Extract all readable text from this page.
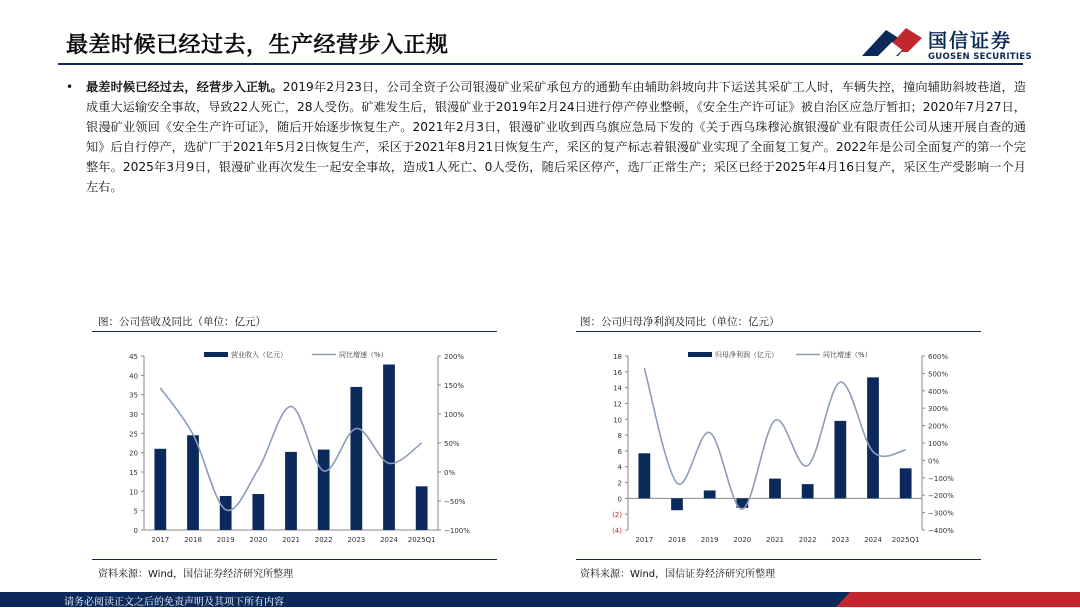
最差时候已经过去，生产经营步入正规	国信证券
GUOSEN SECURITIES
• 最差时候已经过去，经营步入正轨。2019年2月23日，公司全资子公司银漫矿业采矿承包方的通勤车由辅助斜坡向井下运送其采矿工人时，车辆失控，撞向辅助斜坡巷道，造成重大运输安全事故，导致22人死亡，28人受伤。矿难发生后，银漫矿业于2019年2月24日进行停产停业整顿，《安全生产许可证》被自治区应急厅暂扣；2020年7月27日，银漫矿业领回《安全生产许可证》，随后开始逐步恢复生产。2021年2月3日，银漫矿业收到西乌旗应急局下发的《关于西乌珠穆沁旗银漫矿业有限责任公司从速开展自查的通知》后自行停产，选矿厂于2021年5月2日恢复生产，采区于2021年8月21日恢复生产，采区的复产标志着银漫矿业实现了全面复工复产。2022年是公司全面复产的第一个完整年。2025年3月9日，银漫矿业再次发生一起安全事故，造成1人死亡、0人受伤，随后采区停产，选厂正常生产；采区已经于2025年4月16日复产，采区生产受影响一个月左右。
图：公司营收及同比（单位：亿元）
0
5
10
15
20
25
30
35
40
45
−100%
−50%
0%
50%
100%
150%
200%
2017 2018 2019 2020 2021 2022 2023 2024 2025Q1
营业收入（亿元）	同比增速（%）
资料来源：Wind，国信证券经济研究所整理
图：公司归母净利润及同比（单位：亿元）
(4)
(2)
0
2
4
6
8
10
12
14
16
18
−400%
−300%
−200%
−100%
0%
100%
200%
300%
400%
500%
600%
2017 2018 2019 2020 2021 2022 2023 2024 2025Q1
归母净利润（亿元）	同比增速（%）
资料来源：Wind，国信证券经济研究所整理
请务必阅读正文之后的免责声明及其项下所有内容
